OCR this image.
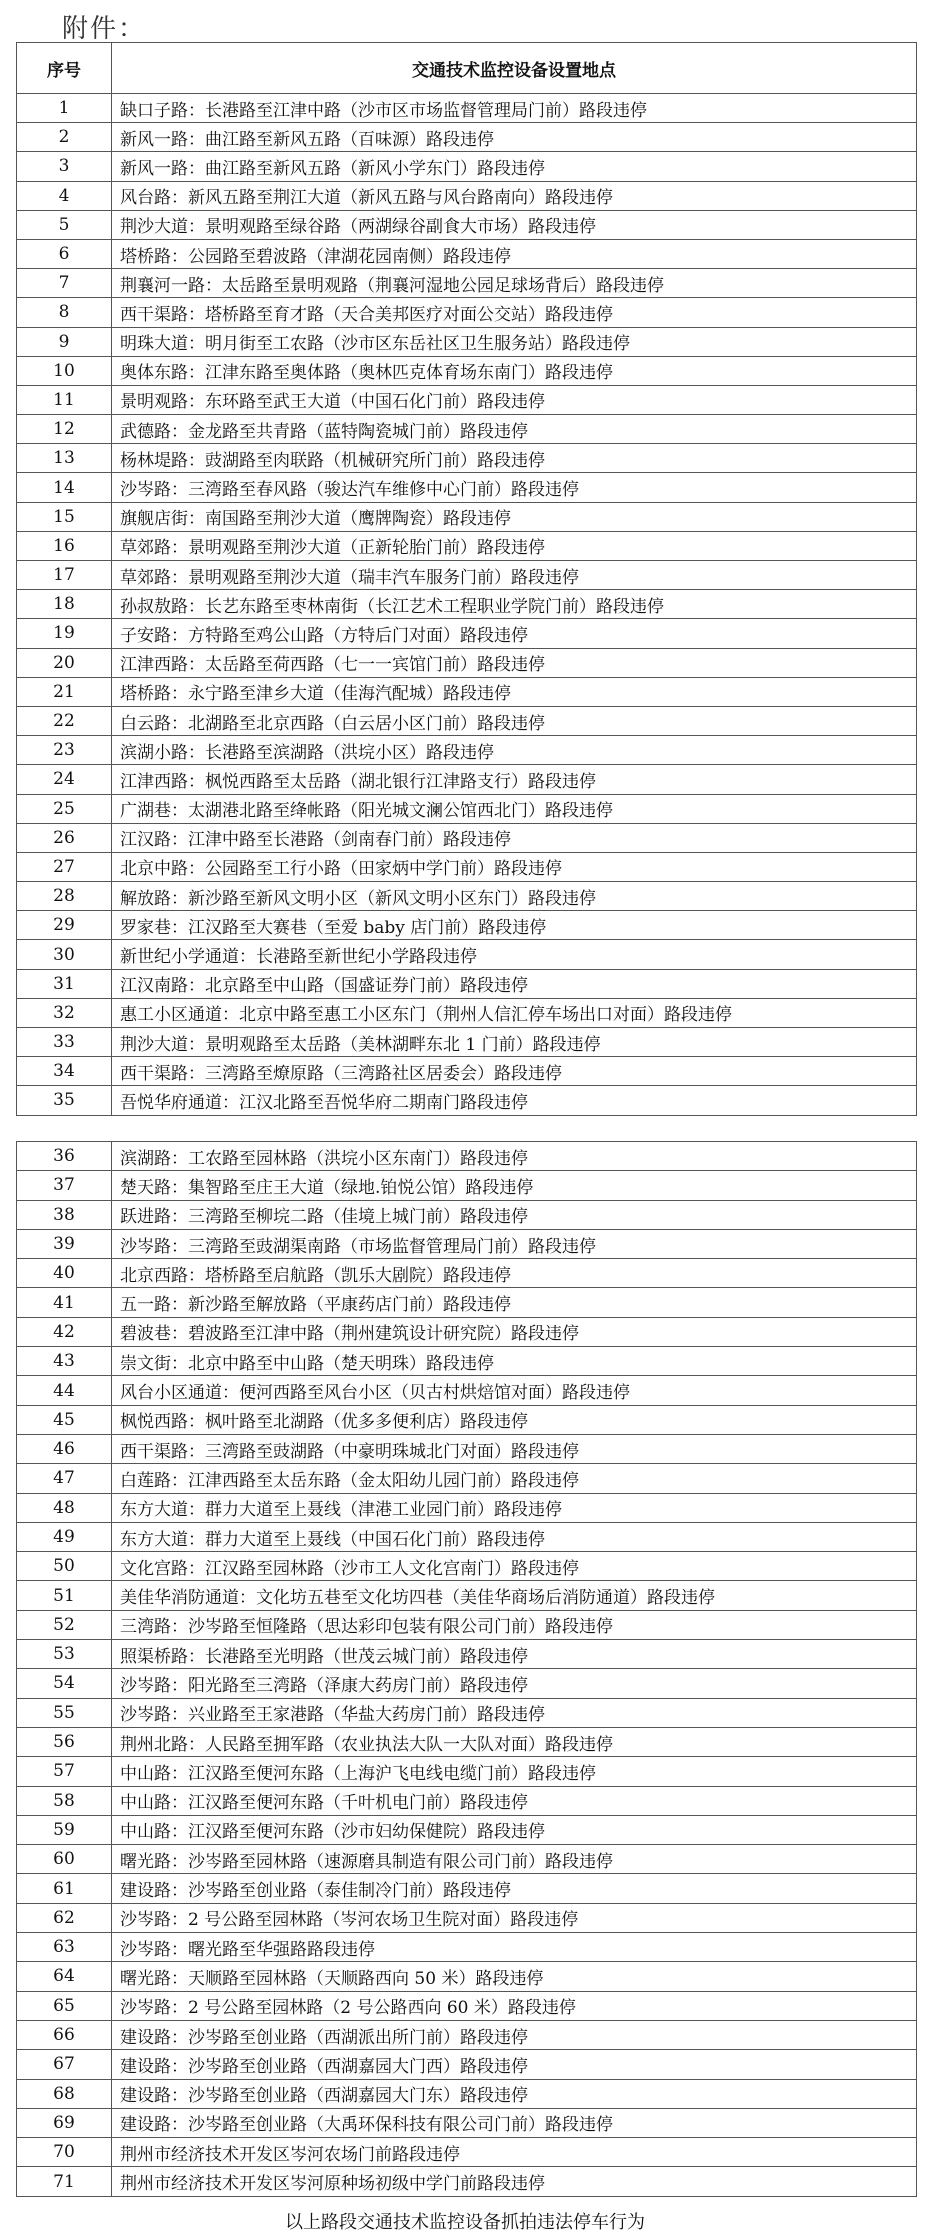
附件：
序号	交通技术监控设备设置地点
1	缺口子路：长港路至江津中路（沙市区市场监督管理局门前）路段违停
2	新风一路：曲江路至新风五路（百味源）路段违停
3	新风一路：曲江路至新风五路（新风小学东门）路段违停
4	风台路：新风五路至荆江大道（新风五路与风台路南向）路段违停
5	荆沙大道：景明观路至绿谷路（两湖绿谷副食大市场）路段违停
6	塔桥路：公园路至碧波路（津湖花园南侧）路段违停
7	荆襄河一路：太岳路至景明观路（荆襄河湿地公园足球场背后）路段违停
8	西干渠路：塔桥路至育才路（天合美邦医疗对面公交站）路段违停
9	明珠大道：明月街至工农路（沙市区东岳社区卫生服务站）路段违停
10	奥体东路：江津东路至奥体路（奥林匹克体育场东南门）路段违停
11	景明观路：东环路至武王大道（中国石化门前）路段违停
12	武德路：金龙路至共青路（蓝特陶瓷城门前）路段违停
13	杨林堤路：豉湖路至肉联路（机械研究所门前）路段违停
14	沙岑路：三湾路至春风路（骏达汽车维修中心门前）路段违停
15	旗舰店街：南国路至荆沙大道（鹰牌陶瓷）路段违停
16	草郊路：景明观路至荆沙大道（正新轮胎门前）路段违停
17	草郊路：景明观路至荆沙大道（瑞丰汽车服务门前）路段违停
18	孙叔敖路：长艺东路至枣林南街（长江艺术工程职业学院门前）路段违停
19	子安路：方特路至鸡公山路（方特后门对面）路段违停
20	江津西路：太岳路至荷西路（七一一宾馆门前）路段违停
21	塔桥路：永宁路至津乡大道（佳海汽配城）路段违停
22	白云路：北湖路至北京西路（白云居小区门前）路段违停
23	滨湖小路：长港路至滨湖路（洪垸小区）路段违停
24	江津西路：枫悦西路至太岳路（湖北银行江津路支行）路段违停
25	广湖巷：太湖港北路至绛帐路（阳光城文澜公馆西北门）路段违停
26	江汉路：江津中路至长港路（剑南春门前）路段违停
27	北京中路：公园路至工行小路（田家炳中学门前）路段违停
28	解放路：新沙路至新风文明小区（新风文明小区东门）路段违停
29	罗家巷：江汉路至大赛巷（至爱 baby 店门前）路段违停
30	新世纪小学通道：长港路至新世纪小学路段违停
31	江汉南路：北京路至中山路（国盛证券门前）路段违停
32	惠工小区通道：北京中路至惠工小区东门（荆州人信汇停车场出口对面）路段违停
33	荆沙大道：景明观路至太岳路（美林湖畔东北 1 门前）路段违停
34	西干渠路：三湾路至燎原路（三湾路社区居委会）路段违停
35	吾悦华府通道：江汉北路至吾悦华府二期南门路段违停
36	滨湖路：工农路至园林路（洪垸小区东南门）路段违停
37	楚天路：集智路至庄王大道（绿地.铂悦公馆）路段违停
38	跃进路：三湾路至柳垸二路（佳境上城门前）路段违停
39	沙岑路：三湾路至豉湖渠南路（市场监督管理局门前）路段违停
40	北京西路：塔桥路至启航路（凯乐大剧院）路段违停
41	五一路：新沙路至解放路（平康药店门前）路段违停
42	碧波巷：碧波路至江津中路（荆州建筑设计研究院）路段违停
43	崇文街：北京中路至中山路（楚天明珠）路段违停
44	风台小区通道：便河西路至风台小区（贝古村烘焙馆对面）路段违停
45	枫悦西路：枫叶路至北湖路（优多多便利店）路段违停
46	西干渠路：三湾路至豉湖路（中豪明珠城北门对面）路段违停
47	白莲路：江津西路至太岳东路（金太阳幼儿园门前）路段违停
48	东方大道：群力大道至上聂线（津港工业园门前）路段违停
49	东方大道：群力大道至上聂线（中国石化门前）路段违停
50	文化宫路：江汉路至园林路（沙市工人文化宫南门）路段违停
51	美佳华消防通道：文化坊五巷至文化坊四巷（美佳华商场后消防通道）路段违停
52	三湾路：沙岑路至恒隆路（思达彩印包装有限公司门前）路段违停
53	照渠桥路：长港路至光明路（世茂云城门前）路段违停
54	沙岑路：阳光路至三湾路（泽康大药房门前）路段违停
55	沙岑路：兴业路至王家港路（华盐大药房门前）路段违停
56	荆州北路：人民路至拥军路（农业执法大队一大队对面）路段违停
57	中山路：江汉路至便河东路（上海沪飞电线电缆门前）路段违停
58	中山路：江汉路至便河东路（千叶机电门前）路段违停
59	中山路：江汉路至便河东路（沙市妇幼保健院）路段违停
60	曙光路：沙岑路至园林路（速源磨具制造有限公司门前）路段违停
61	建设路：沙岑路至创业路（泰佳制冷门前）路段违停
62	沙岑路：2 号公路至园林路（岑河农场卫生院对面）路段违停
63	沙岑路：曙光路至华强路路段违停
64	曙光路：天顺路至园林路（天顺路西向 50 米）路段违停
65	沙岑路：2 号公路至园林路（2 号公路西向 60 米）路段违停
66	建设路：沙岑路至创业路（西湖派出所门前）路段违停
67	建设路：沙岑路至创业路（西湖嘉园大门西）路段违停
68	建设路：沙岑路至创业路（西湖嘉园大门东）路段违停
69	建设路：沙岑路至创业路（大禹环保科技有限公司门前）路段违停
70	荆州市经济技术开发区岑河农场门前路段违停
71	荆州市经济技术开发区岑河原种场初级中学门前路段违停
以上路段交通技术监控设备抓拍违法停车行为
